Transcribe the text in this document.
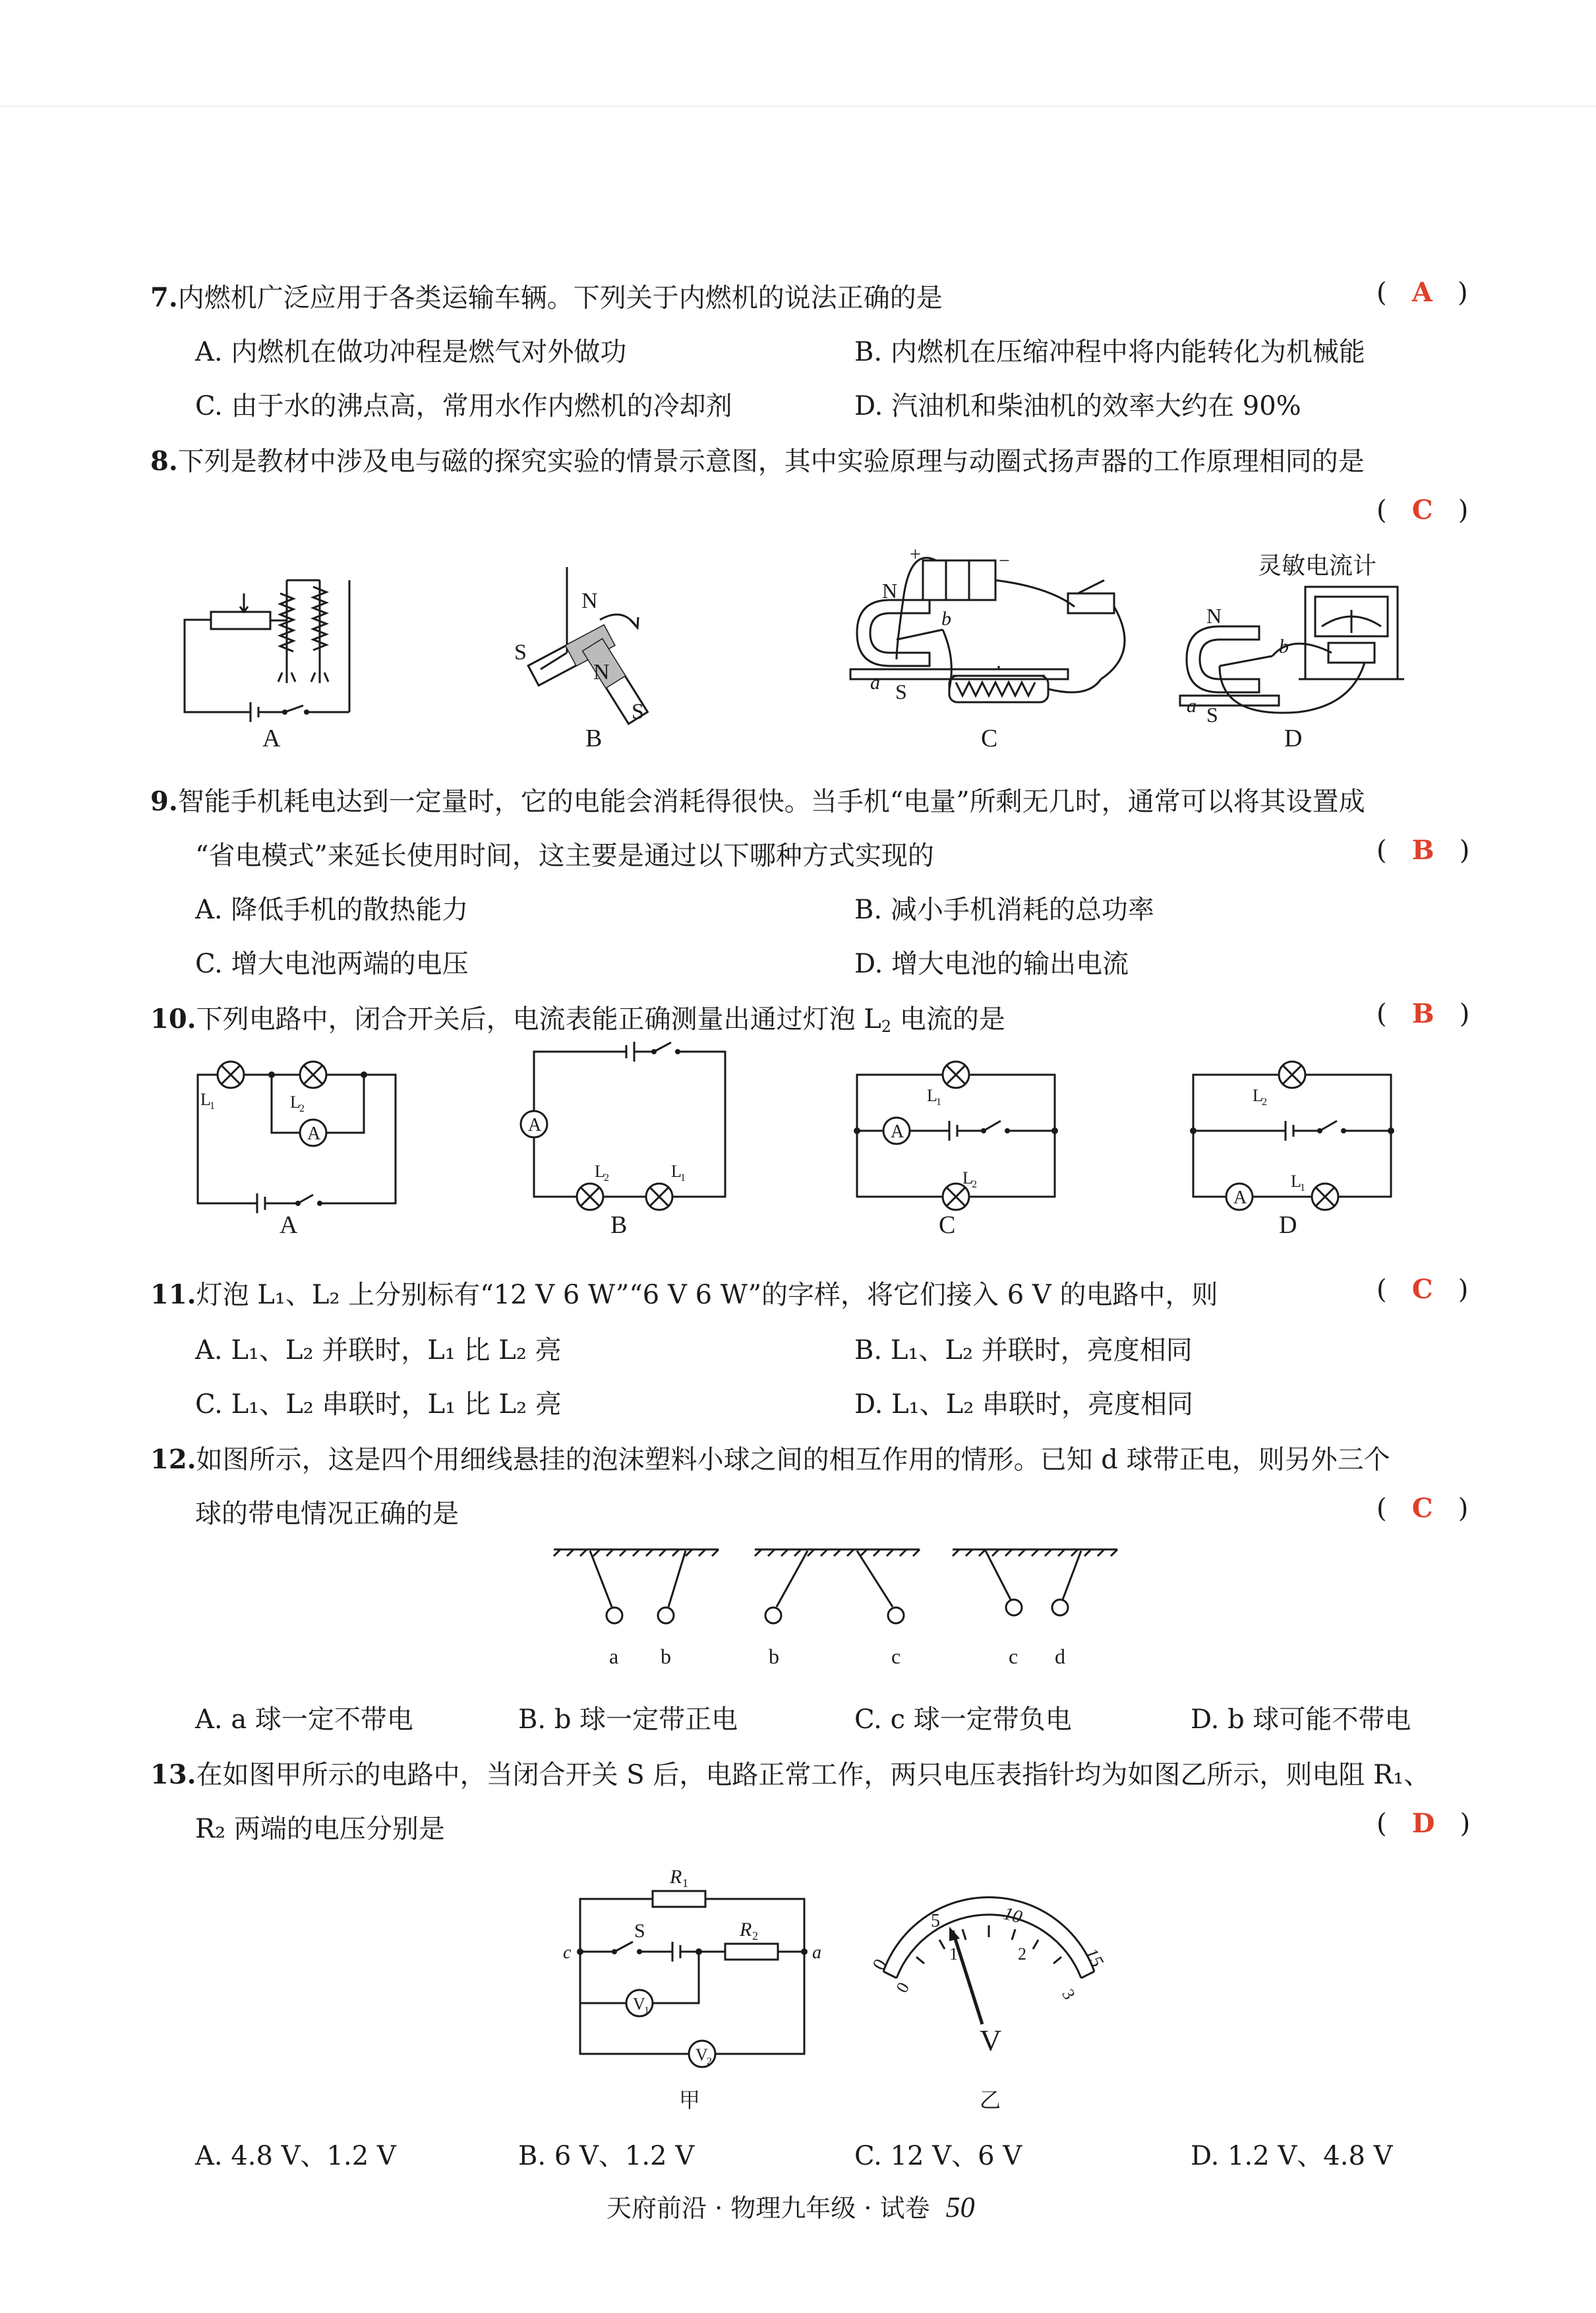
7.内燃机广泛应用于各类运输车辆。下列关于内燃机的说法正确的是	(   A   )
A. 内燃机在做功冲程是燃气对外做功	B. 内燃机在压缩冲程中将内能转化为机械能
C. 由于水的沸点高，常用水作内燃机的冷却剂	D. 汽油机和柴油机的效率大约在 90%
8.下列是教材中涉及电与磁的探究实验的情景示意图，其中实验原理与动圈式扬声器的工作原理相同的是
(   C   )
A
N
S
N
S
B
+	−
N
S
a
b
C
灵敏电流计
N
S
a
b
D
9.智能手机耗电达到一定量时，它的电能会消耗得很快。当手机“电量”所剩无几时，通常可以将其设置成
“省电模式”来延长使用时间，这主要是通过以下哪种方式实现的	(   B   )
A. 降低手机的散热能力	B. 减小手机消耗的总功率
C. 增大电池两端的电压	D. 增大电池的输出电流
10.下列电路中，闭合开关后，电流表能正确测量出通过灯泡 $L_2$ 电流的是	(   B   )
A
L
1	L
2
A
A
L
2	L
1
B
A
L
1
L
2
C
A
L
2
L
1
D
11.灯泡 L₁、L₂ 上分别标有“12 V 6 W”“6 V 6 W”的字样，将它们接入 6 V 的电路中，则	(   C   )
A. L₁、L₂ 并联时，L₁ 比 L₂ 亮	B. L₁、L₂ 并联时，亮度相同
C. L₁、L₂ 串联时，L₁ 比 L₂ 亮	D. L₁、L₂ 串联时，亮度相同
12.如图所示，这是四个用细线悬挂的泡沫塑料小球之间的相互作用的情形。已知 d 球带正电，则另外三个
球的带电情况正确的是	(   C   )
a b	b	c	c d
A. a 球一定不带电	B. b 球一定带正电	C. c 球一定带负电	D. b 球可能不带电
13.在如图甲所示的电路中，当闭合开关 S 后，电路正常工作，两只电压表指针均为如图乙所示，则电阻 R₁、
R₂ 两端的电压分别是	(   D   )
V
1
V
2
R 1
R 2
S
c	a
甲
0
5	10
15
0
1	2
3
V
乙
A. 4.8 V、1.2 V	B. 6 V、1.2 V	C. 12 V、6 V	D. 1.2 V、4.8 V
天府前沿 · 物理九年级 · 试卷 50
